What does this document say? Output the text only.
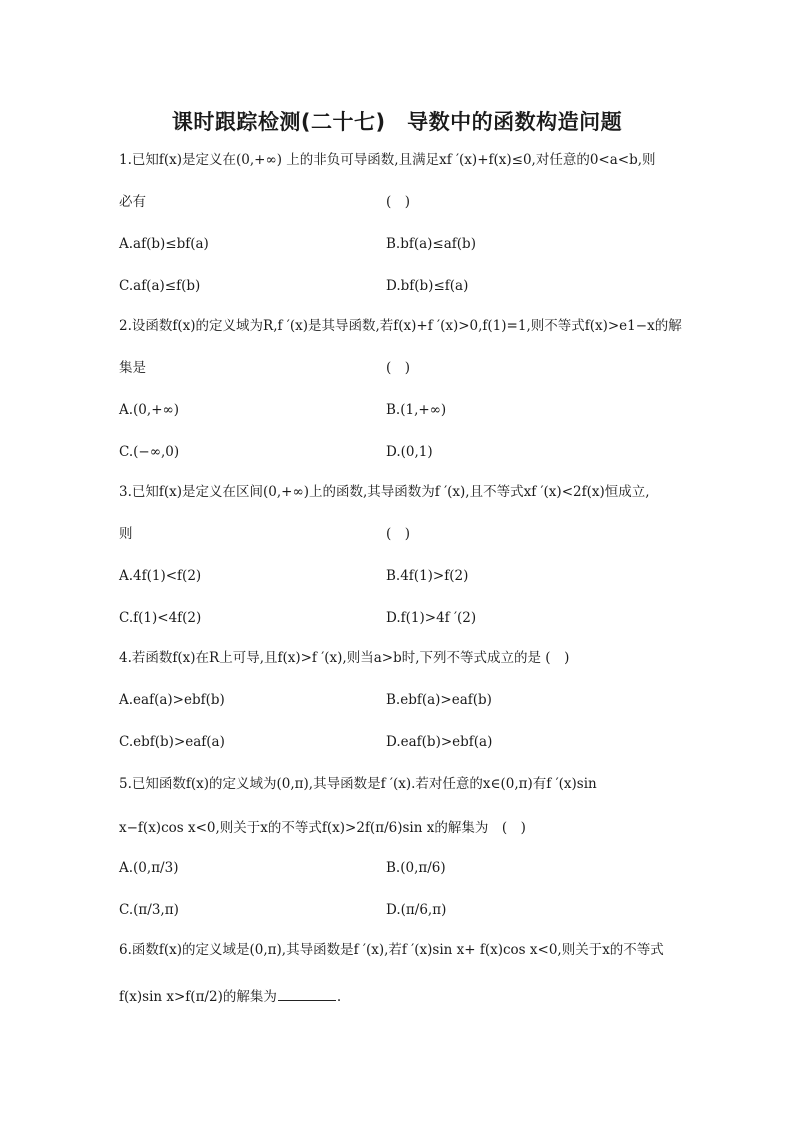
课时跟踪检测(二十七)　导数中的函数构造问题
1.已知f(x)是定义在(0,+∞) 上的非负可导函数,且满足xf ′(x)+f(x)≤0,对任意的0<a<b,则
必有	(　)
A.af(b)≤bf(a)	B.bf(a)≤af(b)
C.af(a)≤f(b)	D.bf(b)≤f(a)
2.设函数f(x)的定义域为R,f ′(x)是其导函数,若f(x)+f ′(x)>0,f(1)=1,则不等式f(x)>e1−x的解
集是	(　)
A.(0,+∞)	B.(1,+∞)
C.(−∞,0)	D.(0,1)
3.已知f(x)是定义在区间(0,+∞)上的函数,其导函数为f ′(x),且不等式xf ′(x)<2f(x)恒成立,
则	(　)
A.4f(1)<f(2)	B.4f(1)>f(2)
C.f(1)<4f(2)	D.f(1)>4f ′(2)
4.若函数f(x)在R上可导,且f(x)>f ′(x),则当a>b时,下列不等式成立的是 (　)
A.eaf(a)>ebf(b)	B.ebf(a)>eaf(b)
C.ebf(b)>eaf(a)	D.eaf(b)>ebf(a)
5.已知函数f(x)的定义域为(0,π),其导函数是f ′(x).若对任意的x∈(0,π)有f ′(x)sin
x−f(x)cos x<0,则关于x的不等式f(x)>2f(π/6)sin x的解集为　(　)
A.(0,π/3)	B.(0,π/6)
C.(π/3,π)	D.(π/6,π)
6.函数f(x)的定义域是(0,π),其导函数是f ′(x),若f ′(x)sin x+ f(x)cos x<0,则关于x的不等式
f(x)sin x>f(π/2)的解集为	.
